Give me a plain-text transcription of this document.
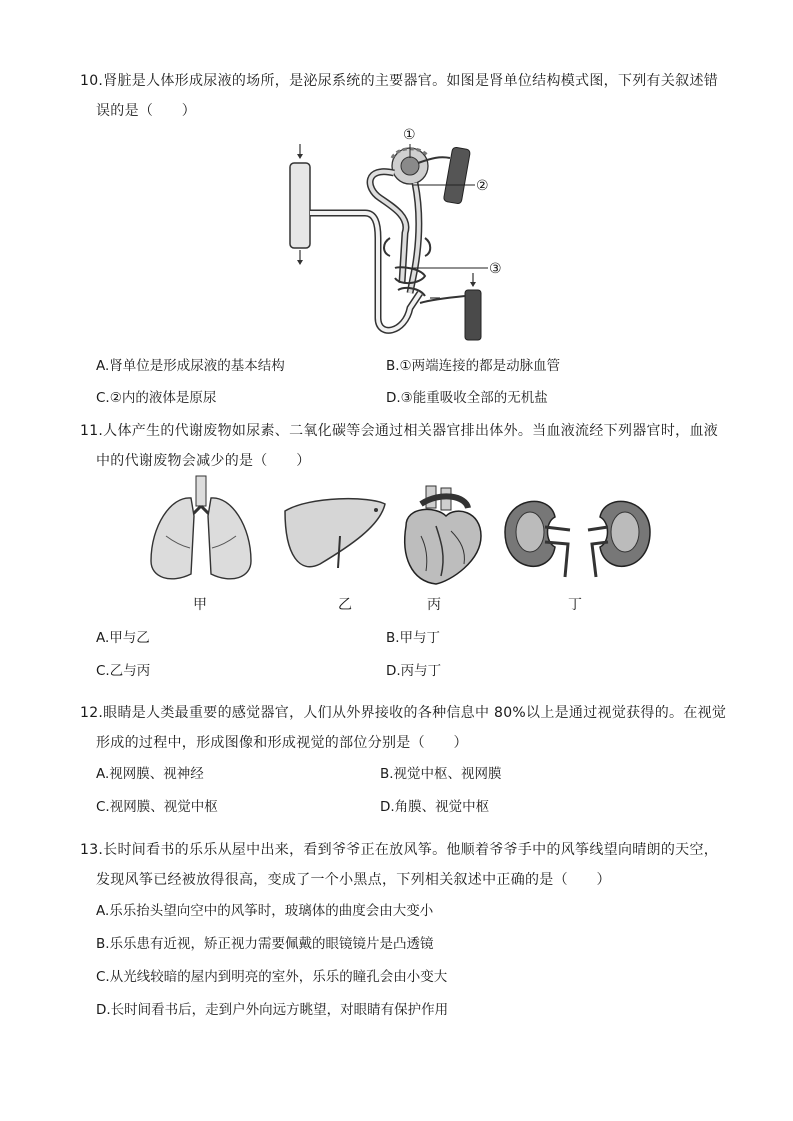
10.肾脏是人体形成尿液的场所，是泌尿系统的主要器官。如图是肾单位结构模式图，下列有关叙述错
误的是（　　）
①
②
③
A.肾单位是形成尿液的基本结构	B.①两端连接的都是动脉血管
C.②内的液体是原尿	D.③能重吸收全部的无机盐
11.人体产生的代谢废物如尿素、二氧化碳等会通过相关器官排出体外。当血液流经下列器官时，血液
中的代谢废物会减少的是（　　）
甲	乙	丙	丁
A.甲与乙	B.甲与丁
C.乙与丙	D.丙与丁
12.眼睛是人类最重要的感觉器官，人们从外界接收的各种信息中 80%以上是通过视觉获得的。在视觉
形成的过程中，形成图像和形成视觉的部位分别是（　　）
A.视网膜、视神经	B.视觉中枢、视网膜
C.视网膜、视觉中枢	D.角膜、视觉中枢
13.长时间看书的乐乐从屋中出来，看到爷爷正在放风筝。他顺着爷爷手中的风筝线望向晴朗的天空，
发现风筝已经被放得很高，变成了一个小黑点，下列相关叙述中正确的是（　　）
A.乐乐抬头望向空中的风筝时，玻璃体的曲度会由大变小
B.乐乐患有近视，矫正视力需要佩戴的眼镜镜片是凸透镜
C.从光线较暗的屋内到明亮的室外，乐乐的瞳孔会由小变大
D.长时间看书后，走到户外向远方眺望，对眼睛有保护作用
